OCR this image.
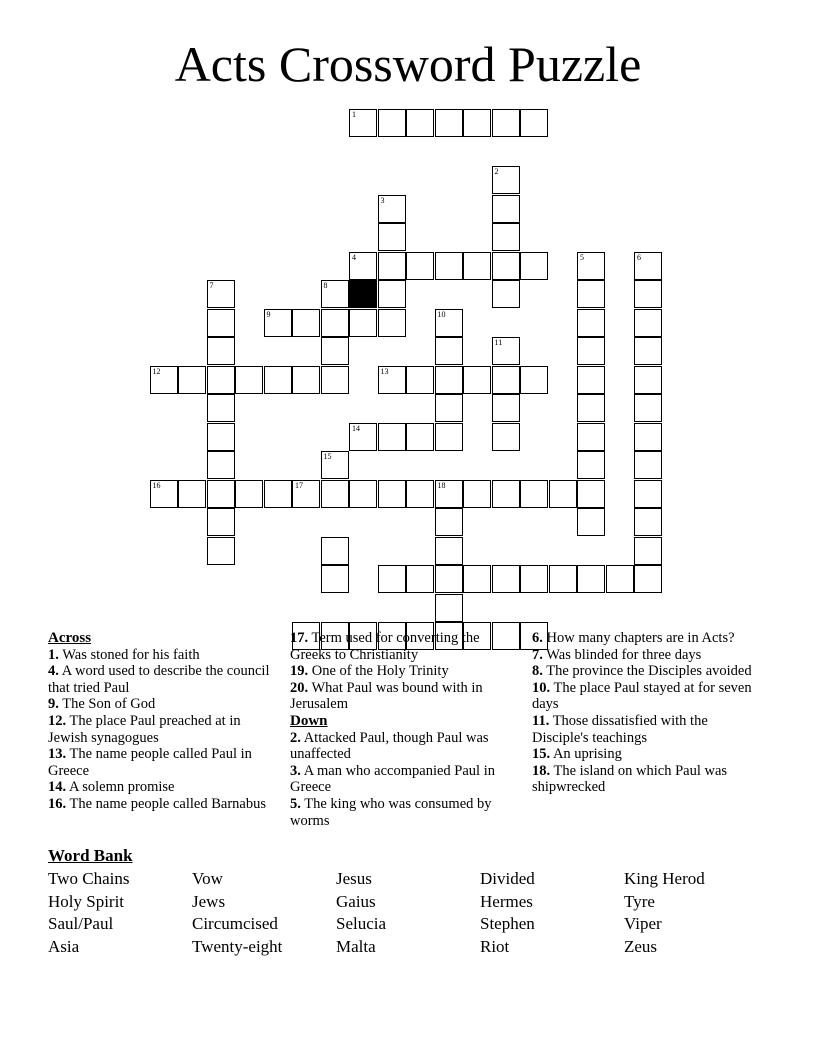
Acts Crossword Puzzle
1
2
3
4	5	6
7	8
9	10
11
12	13
14
15
16	17	18
Across
1. Was stoned for his faith
4. A word used to describe the council that tried Paul
9. The Son of God
12. The place Paul preached at in Jewish synagogues
13. The name people called Paul in Greece
14. A solemn promise
16. The name people called Barnabus
17. Term used for converting the Greeks to Christianity
19. One of the Holy Trinity
20. What Paul was bound with in Jerusalem
Down
2. Attacked Paul, though Paul was unaffected
3. A man who accompanied Paul in Greece
5. The king who was consumed by worms
6. How many chapters are in Acts?
7. Was blinded for three days
8. The province the Disciples avoided
10. The place Paul stayed at for seven days
11. Those dissatisfied with the Disciple's teachings
15. An uprising
18. The island on which Paul was shipwrecked
Word Bank
Two Chains	Vow	Jesus	Divided	King Herod
Holy Spirit	Jews	Gaius	Hermes	Tyre
Saul/Paul	Circumcised	Selucia	Stephen	Viper
Asia	Twenty-eight	Malta	Riot	Zeus
